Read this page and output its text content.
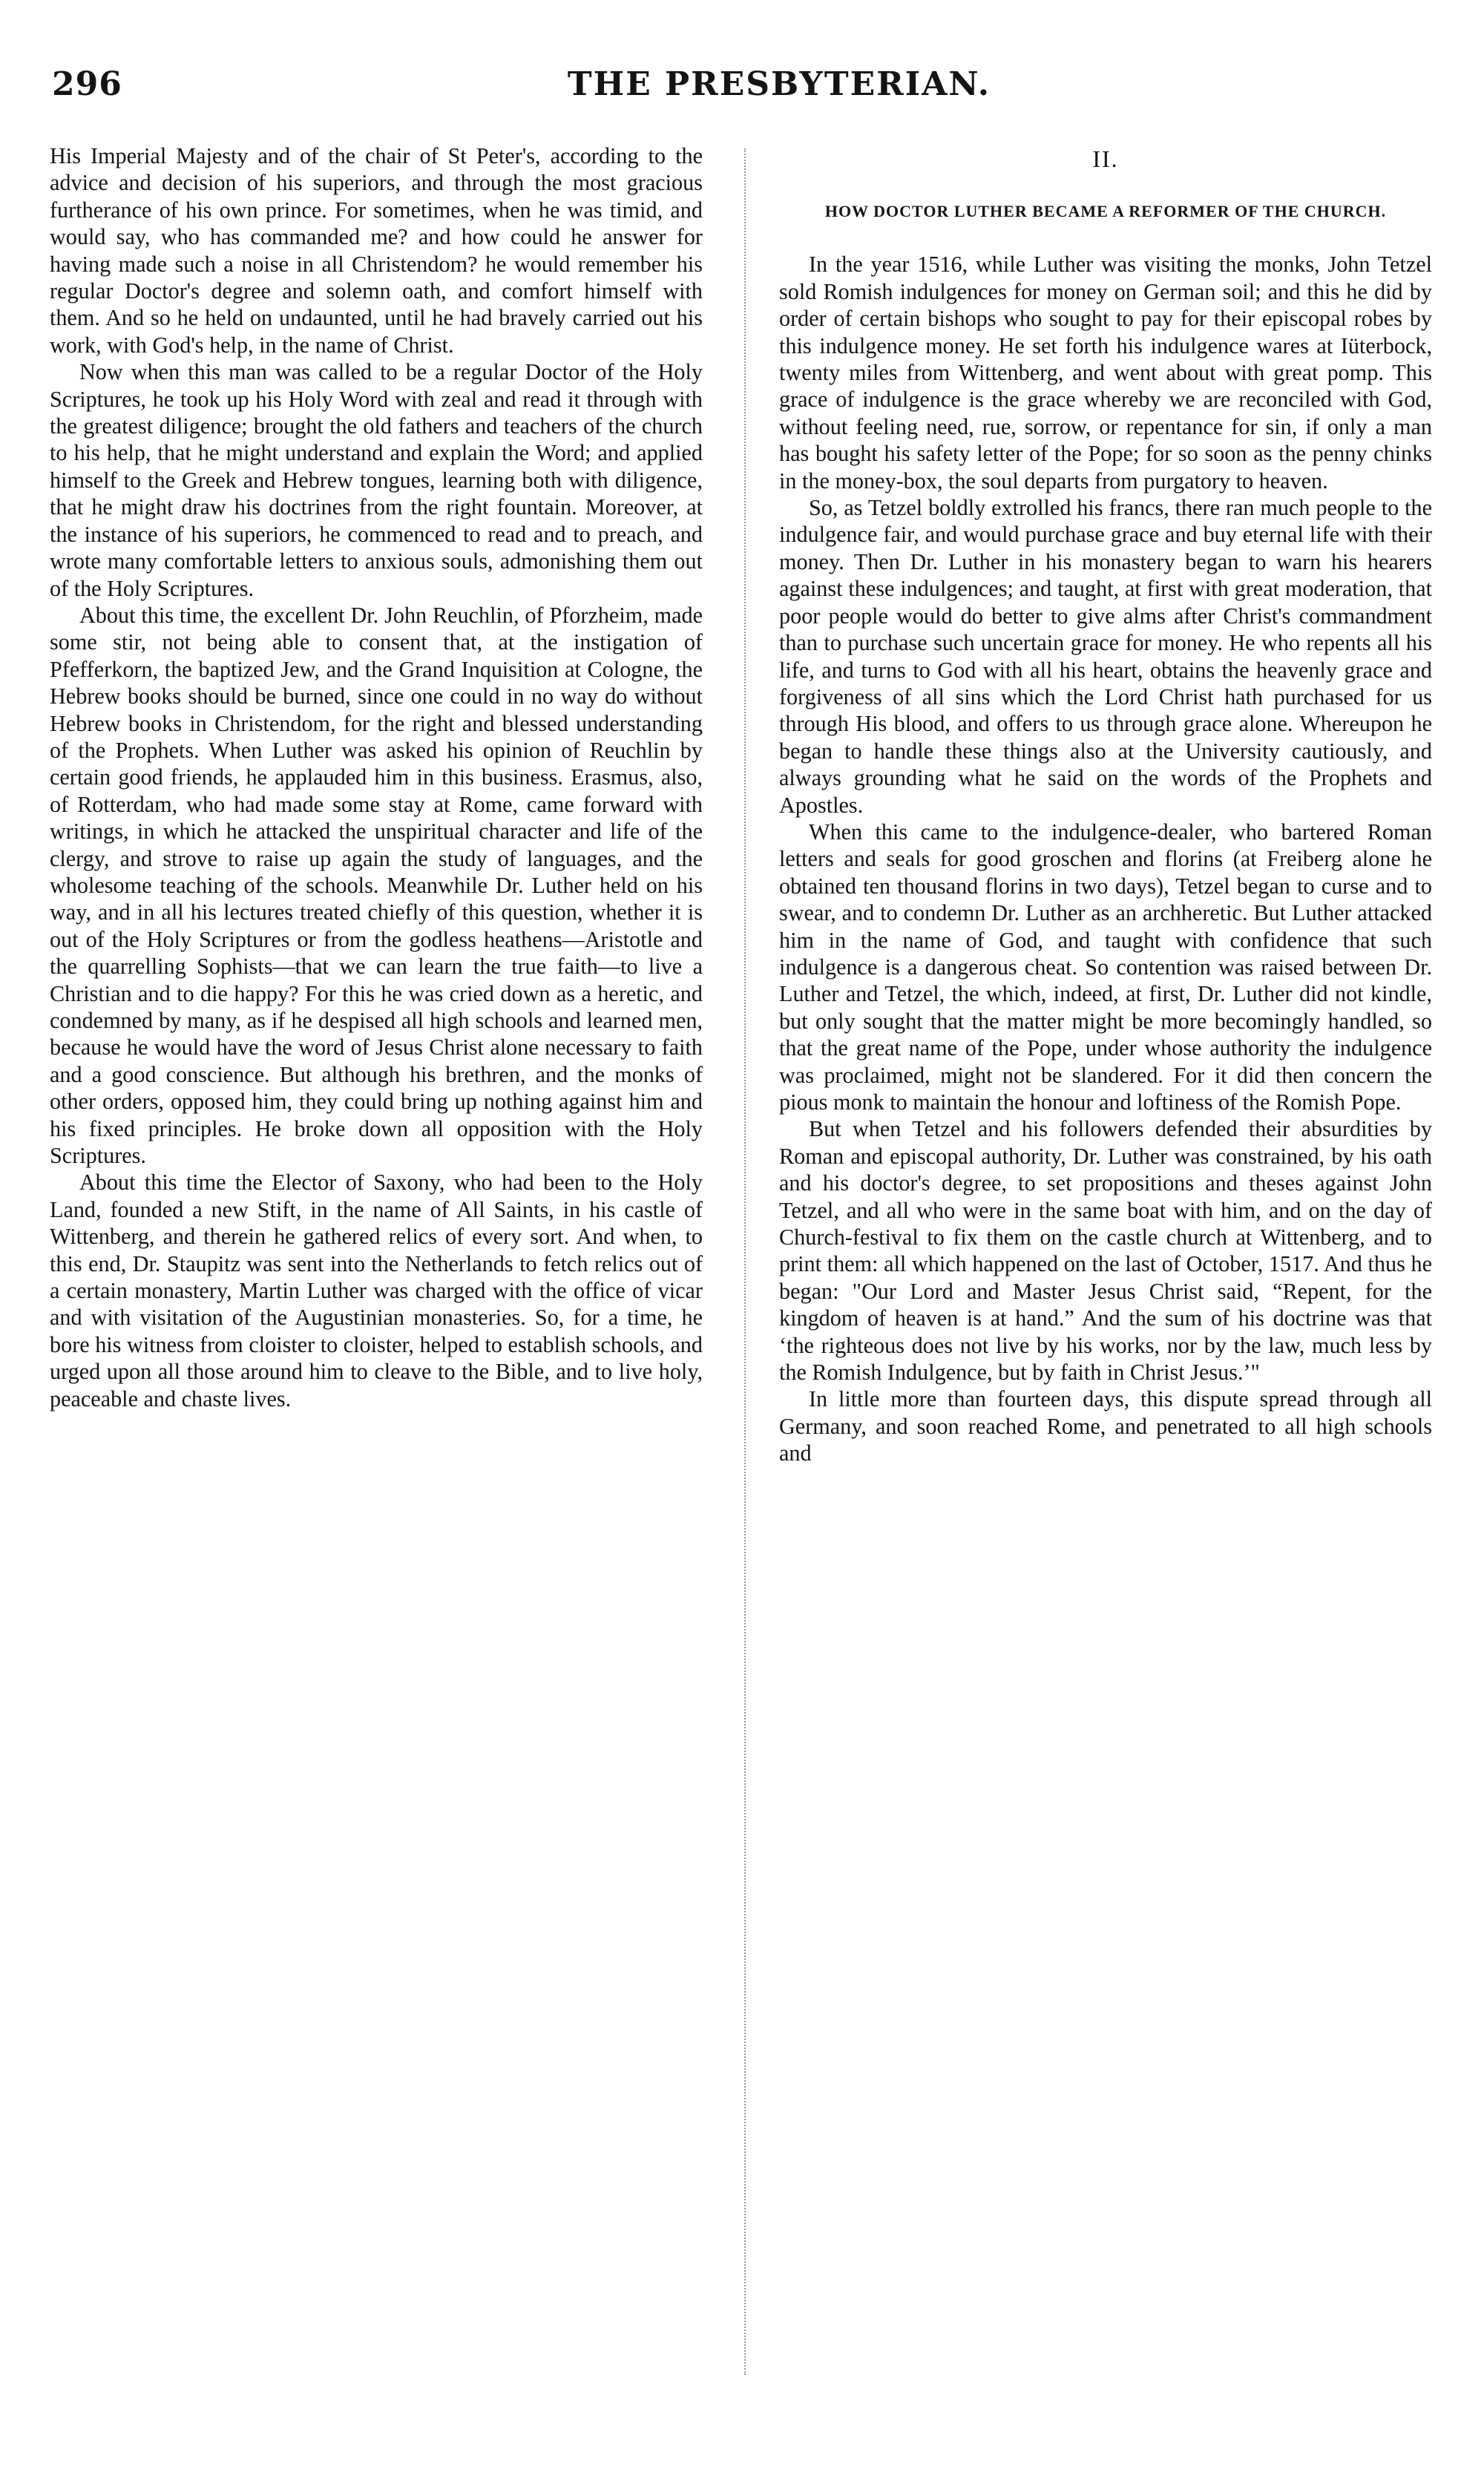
296	THE PRESBYTERIAN.

His Imperial Majesty and of the chair of St Peter's, according to the advice and decision of his superiors, and through the most gracious furtherance of his own prince. For sometimes, when he was timid, and would say, who has commanded me? and how could he answer for having made such a noise in all Christendom? he would remember his regular Doctor's degree and solemn oath, and comfort himself with them. And so he held on undaunted, until he had bravely carried out his work, with God's help, in the name of Christ.

Now when this man was called to be a regular Doctor of the Holy Scriptures, he took up his Holy Word with zeal and read it through with the greatest diligence; brought the old fathers and teachers of the church to his help, that he might understand and explain the Word; and applied himself to the Greek and Hebrew tongues, learning both with diligence, that he might draw his doctrines from the right fountain. Moreover, at the instance of his superiors, he commenced to read and to preach, and wrote many comfortable letters to anxious souls, admonishing them out of the Holy Scriptures.

About this time, the excellent Dr. John Reuchlin, of Pforzheim, made some stir, not being able to consent that, at the instigation of Pfefferkorn, the baptized Jew, and the Grand Inquisition at Cologne, the Hebrew books should be burned, since one could in no way do without Hebrew books in Christendom, for the right and blessed understanding of the Prophets. When Luther was asked his opinion of Reuchlin by certain good friends, he applauded him in this business. Erasmus, also, of Rotterdam, who had made some stay at Rome, came forward with writings, in which he attacked the unspiritual character and life of the clergy, and strove to raise up again the study of languages, and the wholesome teaching of the schools. Meanwhile Dr. Luther held on his way, and in all his lectures treated chiefly of this question, whether it is out of the Holy Scriptures or from the godless heathens—Aristotle and the quarrelling Sophists—that we can learn the true faith—to live a Christian and to die happy? For this he was cried down as a heretic, and condemned by many, as if he despised all high schools and learned men, because he would have the word of Jesus Christ alone necessary to faith and a good conscience. But although his brethren, and the monks of other orders, opposed him, they could bring up nothing against him and his fixed principles. He broke down all opposition with the Holy Scriptures.

About this time the Elector of Saxony, who had been to the Holy Land, founded a new Stift, in the name of All Saints, in his castle of Wittenberg, and therein he gathered relics of every sort. And when, to this end, Dr. Staupitz was sent into the Netherlands to fetch relics out of a certain monastery, Martin Luther was charged with the office of vicar and with visitation of the Augustinian monasteries. So, for a time, he bore his witness from cloister to cloister, helped to establish schools, and urged upon all those around him to cleave to the Bible, and to live holy, peaceable and chaste lives.

II.
HOW DOCTOR LUTHER BECAME A REFORMER OF THE CHURCH.

In the year 1516, while Luther was visiting the monks, John Tetzel sold Romish indulgences for money on German soil; and this he did by order of certain bishops who sought to pay for their episcopal robes by this indulgence money. He set forth his indulgence wares at Iüterbock, twenty miles from Wittenberg, and went about with great pomp. This grace of indulgence is the grace whereby we are reconciled with God, without feeling need, rue, sorrow, or repentance for sin, if only a man has bought his safety letter of the Pope; for so soon as the penny chinks in the money-box, the soul departs from purgatory to heaven.

So, as Tetzel boldly extrolled his francs, there ran much people to the indulgence fair, and would purchase grace and buy eternal life with their money. Then Dr. Luther in his monastery began to warn his hearers against these indulgences; and taught, at first with great moderation, that poor people would do better to give alms after Christ's commandment than to purchase such uncertain grace for money. He who repents all his life, and turns to God with all his heart, obtains the heavenly grace and forgiveness of all sins which the Lord Christ hath purchased for us through His blood, and offers to us through grace alone. Whereupon he began to handle these things also at the University cautiously, and always grounding what he said on the words of the Prophets and Apostles.

When this came to the indulgence-dealer, who bartered Roman letters and seals for good groschen and florins (at Freiberg alone he obtained ten thousand florins in two days), Tetzel began to curse and to swear, and to condemn Dr. Luther as an archheretic. But Luther attacked him in the name of God, and taught with confidence that such indulgence is a dangerous cheat. So contention was raised between Dr. Luther and Tetzel, the which, indeed, at first, Dr. Luther did not kindle, but only sought that the matter might be more becomingly handled, so that the great name of the Pope, under whose authority the indulgence was proclaimed, might not be slandered. For it did then concern the pious monk to maintain the honour and loftiness of the Romish Pope.

But when Tetzel and his followers defended their absurdities by Roman and episcopal authority, Dr. Luther was constrained, by his oath and his doctor's degree, to set propositions and theses against John Tetzel, and all who were in the same boat with him, and on the day of Church-festival to fix them on the castle church at Wittenberg, and to print them: all which happened on the last of October, 1517. And thus he began: "Our Lord and Master Jesus Christ said, “Repent, for the kingdom of heaven is at hand.” And the sum of his doctrine was that ‘the righteous does not live by his works, nor by the law, much less by the Romish Indulgence, but by faith in Christ Jesus.’"

In little more than fourteen days, this dispute spread through all Germany, and soon reached Rome, and penetrated to all high schools and
